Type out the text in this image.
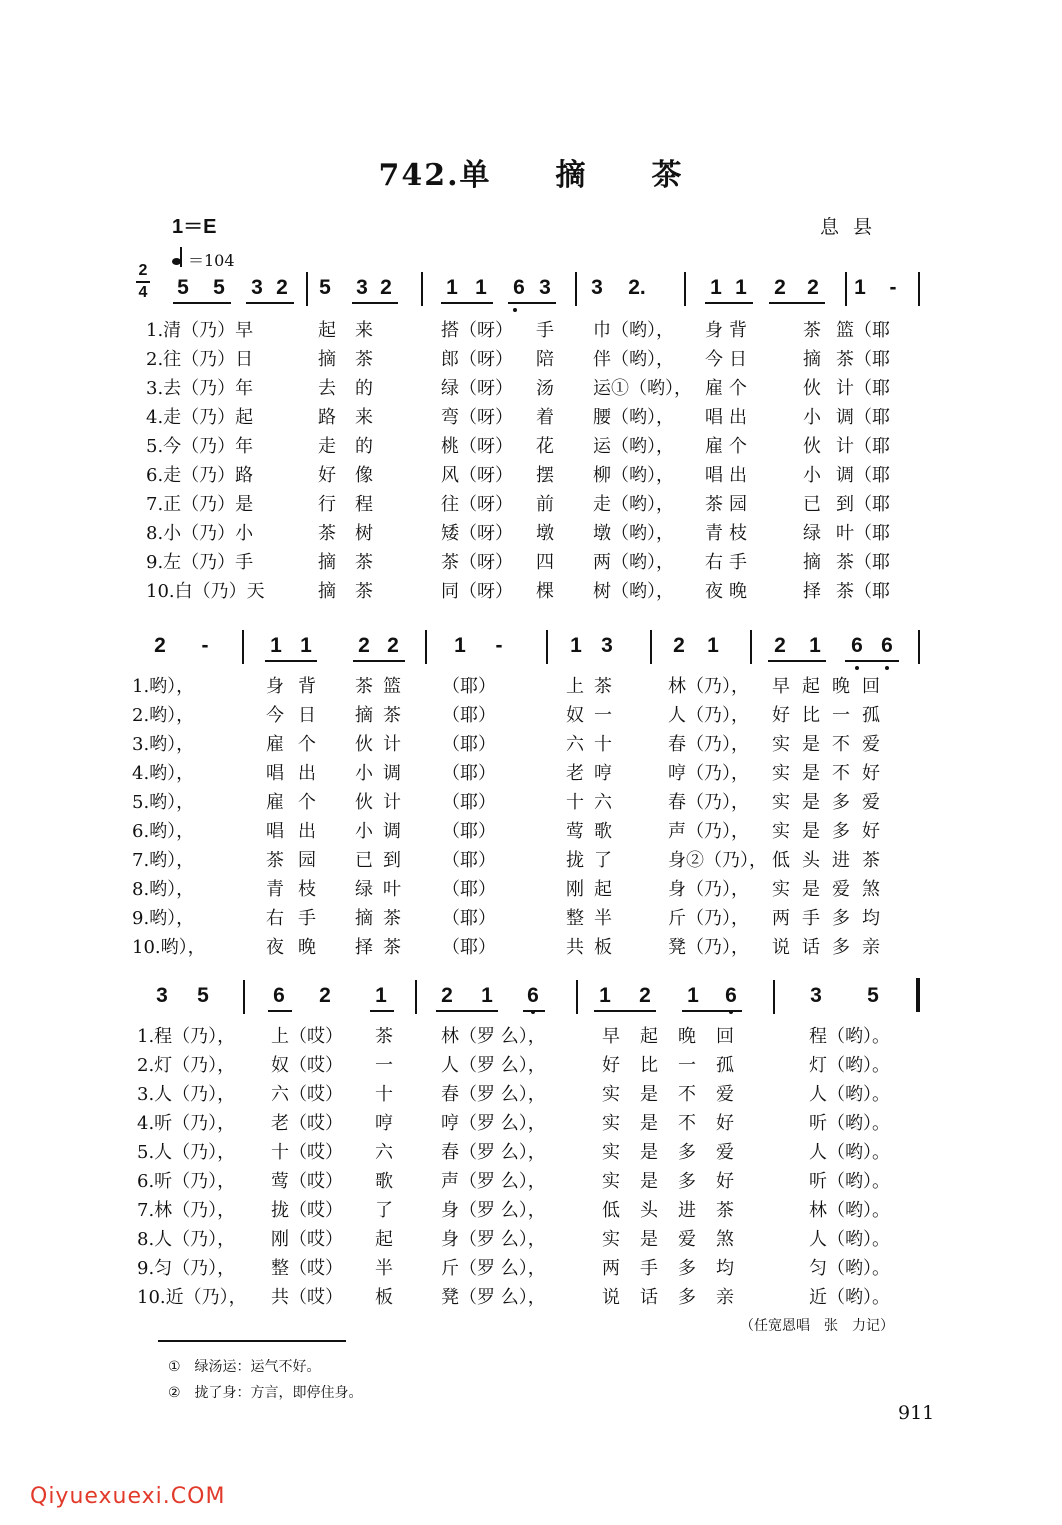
742.单　　摘　　茶
1＝E	息县
＝104
2
4 5 5 3 2 5 3 2	1 1 6 3 3 2.	1 1 2 2 1	-
1.清（乃）早	起 来	搭（呀） 手 巾（哟）， 身背	茶 篮（耶
2.往（乃）日	摘 茶	郎（呀） 陪 伴（哟）， 今日	摘 茶（耶
3.去（乃）年	去 的	绿（呀） 汤 运①（哟）， 雇个	伙 计（耶
4.走（乃）起	路 来	弯（呀） 着 腰（哟）， 唱出	小 调（耶
5.今（乃）年	走 的	桃（呀） 花 运（哟）， 雇个	伙 计（耶
6.走（乃）路	好 像	风（呀） 摆 柳（哟）， 唱出	小 调（耶
7.正（乃）是	行 程	往（呀） 前 走（哟）， 茶园	已 到（耶
8.小（乃）小	茶 树	矮（呀） 墩 墩（哟）， 青枝	绿 叶（耶
9.左（乃）手	摘 茶	茶（呀） 四 两（哟）， 右手	摘 茶（耶
10.白（乃）天	摘 茶	同（呀） 棵 树（哟）， 夜晚	择 茶（耶
2	-	1 1 2 2	1	-	1 3	2 1	2 1 6 6
1.哟），	身背 茶篮 （耶）	上茶	林（乃）， 早起晚回
2.哟），	今日 摘茶 （耶）	奴一	人（乃）， 好比一孤
3.哟），	雇个 伙计 （耶）	六十	春（乃）， 实是不爱
4.哟），	唱出 小调 （耶）	老哼	哼（乃）， 实是不好
5.哟），	雇个 伙计 （耶）	十六	春（乃）， 实是多爱
6.哟），	唱出 小调 （耶）	莺歌	声（乃）， 实是多好
7.哟），	茶园 已到 （耶）	拢了	身②（乃）， 低头进茶
8.哟），	青枝 绿叶 （耶）	刚起	身（乃）， 实是爱煞
9.哟），	右手 摘茶 （耶）	整半	斤（乃）， 两手多均
10.哟），	夜晚 择茶 （耶）	共板	凳（乃）， 说话多亲
3 5	6 2 1	2 1 6	1 2 1 6	3 5
1.程（乃）， 上（哎） 茶	林（罗 么），	早起晚回	程（哟）。
2.灯（乃）， 奴（哎） 一	人（罗 么），	好比一孤	灯（哟）。
3.人（乃）， 六（哎） 十	春（罗 么），	实是不爱	人（哟）。
4.听（乃）， 老（哎） 哼	哼（罗 么），	实是不好	听（哟）。
5.人（乃）， 十（哎） 六	春（罗 么），	实是多爱	人（哟）。
6.听（乃）， 莺（哎） 歌	声（罗 么），	实是多好	听（哟）。
7.林（乃）， 拢（哎） 了	身（罗 么），	低头进茶	林（哟）。
8.人（乃）， 刚（哎） 起	身（罗 么），	实是爱煞	人（哟）。
9.匀（乃）， 整（哎） 半	斤（罗 么），	两手多均	匀（哟）。
10.近（乃）， 共（哎） 板	凳（罗 么），	说话多亲	近（哟）。
（任宽恩唱　张　力记）
①　绿汤运：运气不好。
②　拢了身：方言，即停住身。
911
Qiyuexuexi.COM
